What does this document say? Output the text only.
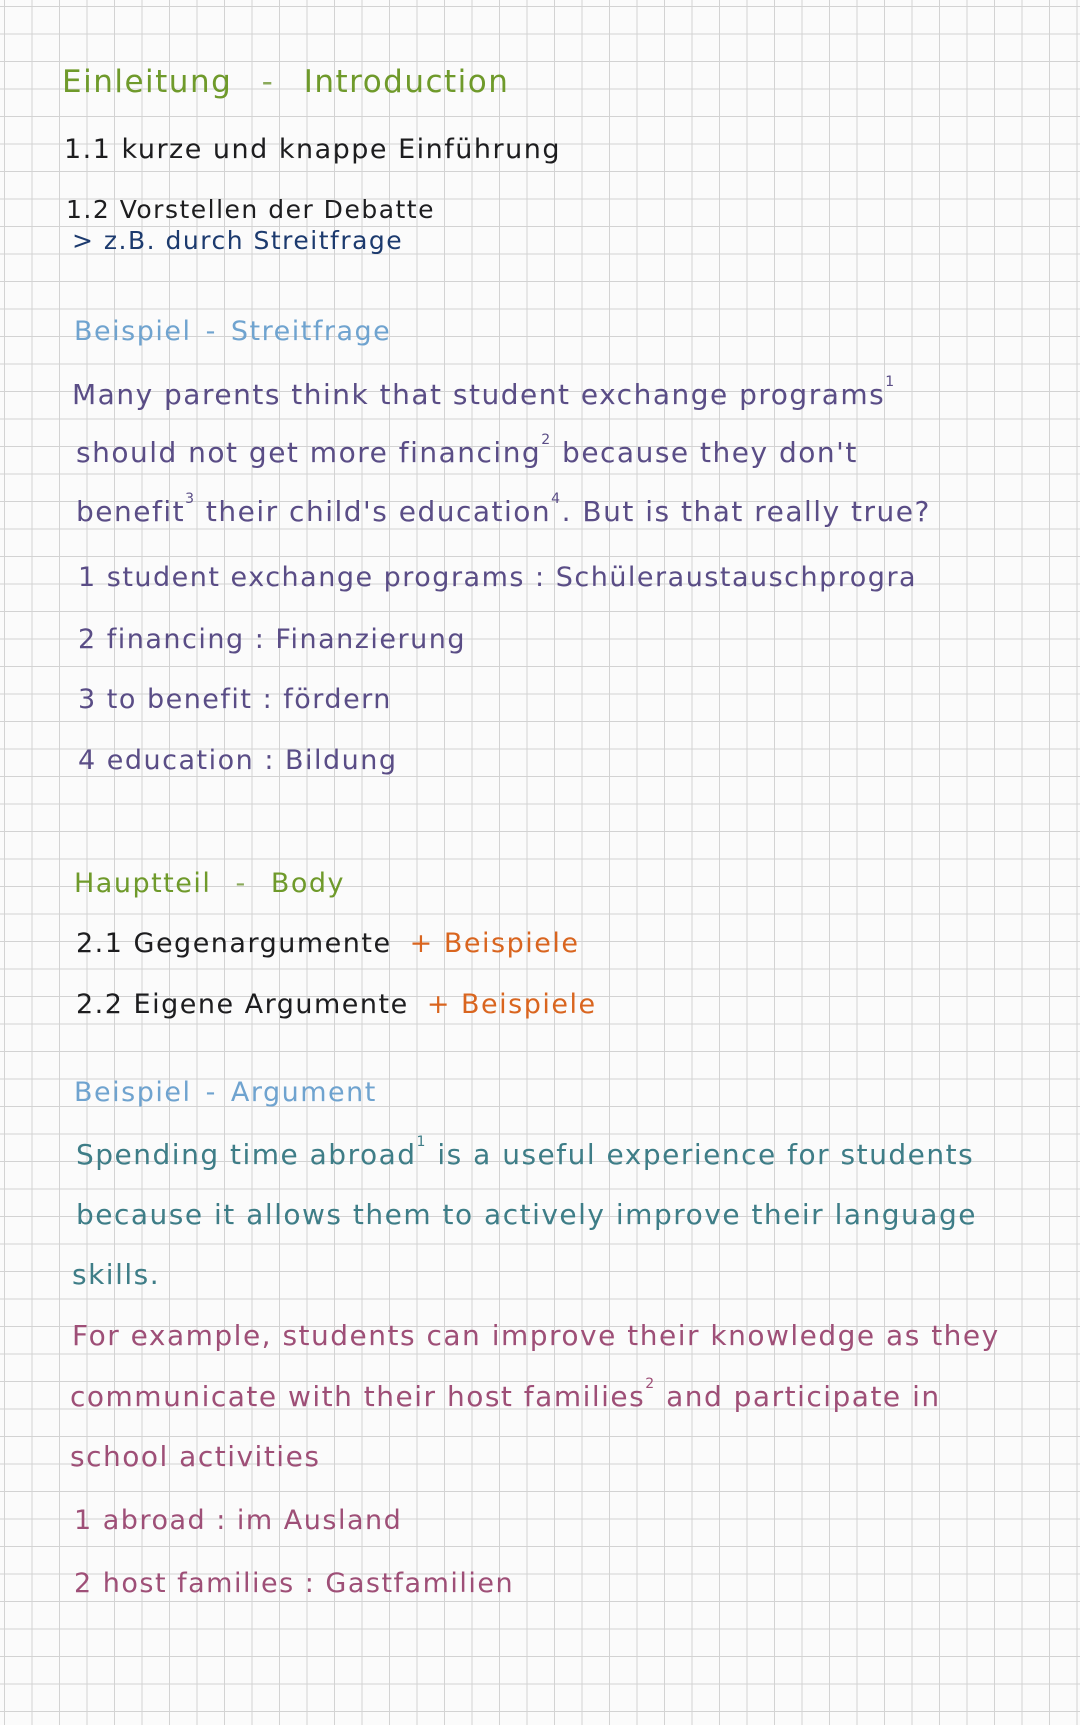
Einleitung - Introduction
1.1 kurze und knappe Einführung
1.2 Vorstellen der Debatte
> z.B. durch Streitfrage
Beispiel - Streitfrage
Many parents think that student exchange programs$^1$
should not get more financing$^2$ because they don't
benefit$^3$ their child's education$^4$. But is that really true?
1 student exchange programs : Schüleraustauschprogra
2 financing : Finanzierung
3 to benefit : fördern
4 education : Bildung
Hauptteil - Body
2.1 Gegenargumente + Beispiele
2.2 Eigene Argumente + Beispiele
Beispiel - Argument
Spending time abroad$^1$ is a useful experience for students
because it allows them to actively improve their language
skills.
For example, students can improve their knowledge as they
communicate with their host families$^2$ and participate in
school activities
1 abroad : im Ausland
2 host families : Gastfamilien
